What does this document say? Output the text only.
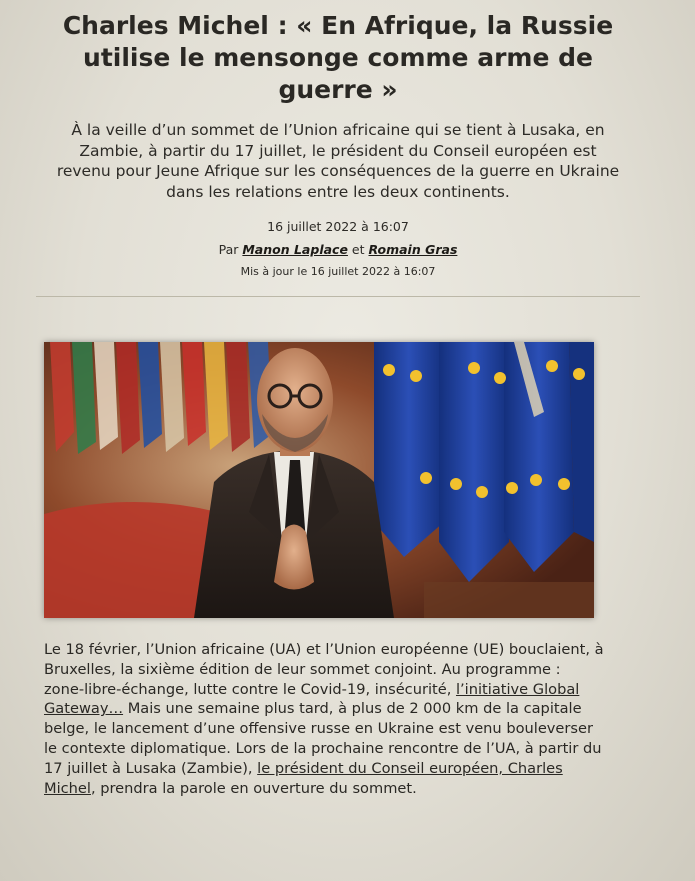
Charles Michel : « En Afrique, la Russie utilise le mensonge comme arme de guerre »

À la veille d’un sommet de l’Union africaine qui se tient à Lusaka, en Zambie, à partir du 17 juillet, le président du Conseil européen est revenu pour Jeune Afrique sur les conséquences de la guerre en Ukraine dans les relations entre les deux continents.

16 juillet 2022 à 16:07
Par Manon Laplace et Romain Gras
Mis à jour le 16 juillet 2022 à 16:07

Le 18 février, l’Union africaine (UA) et l’Union européenne (UE) bouclaient, à Bruxelles, la sixième édition de leur sommet conjoint. Au programme : zone-libre-échange, lutte contre le Covid-19, insécurité, l’initiative Global Gateway… Mais une semaine plus tard, à plus de 2 000 km de la capitale belge, le lancement d’une offensive russe en Ukraine est venu bouleverser le contexte diplomatique. Lors de la prochaine rencontre de l’UA, à partir du 17 juillet à Lusaka (Zambie), le président du Conseil européen, Charles Michel, prendra la parole en ouverture du sommet.
